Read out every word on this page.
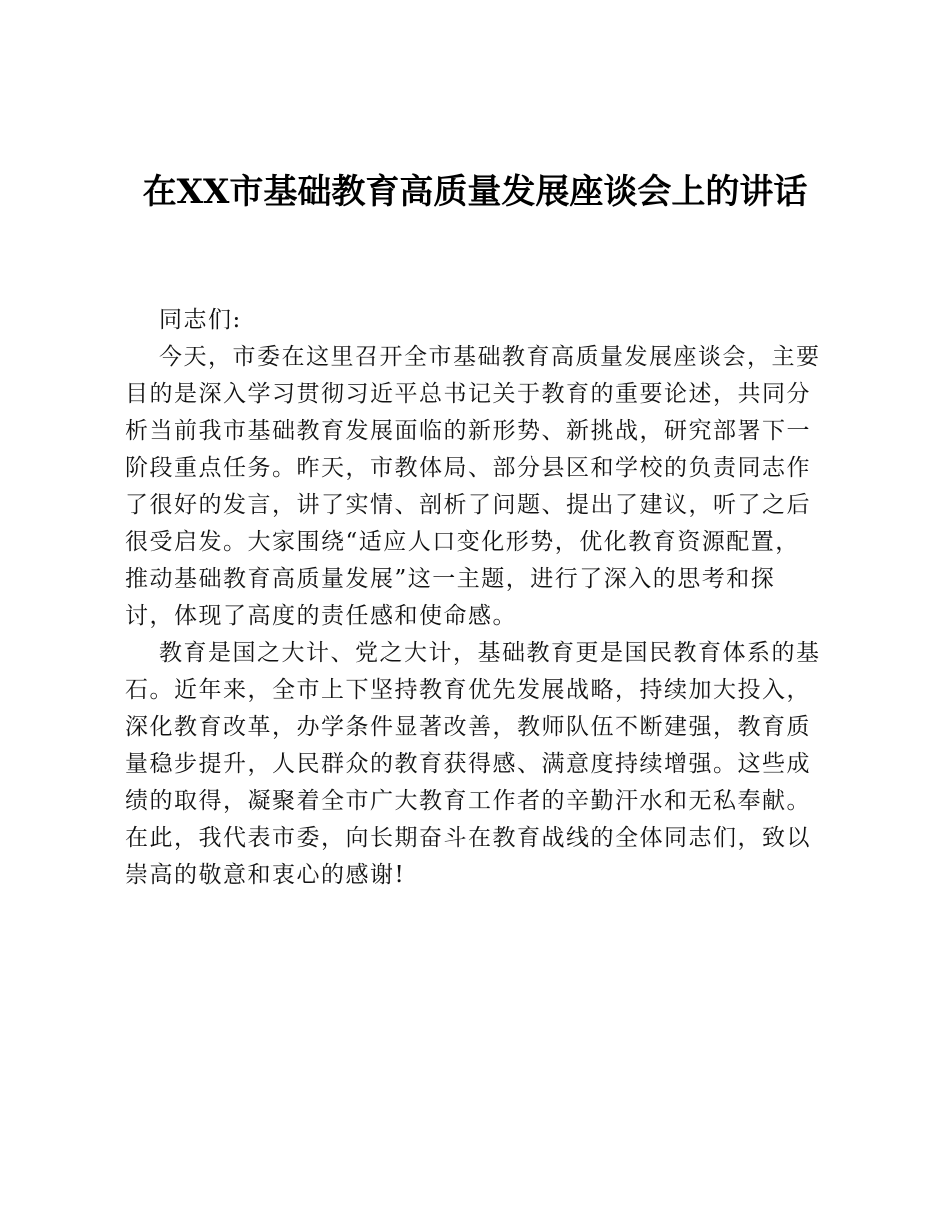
在XX市基础教育高质量发展座谈会上的讲话
同志们:
今天，市委在这里召开全市基础教育高质量发展座谈会，主要
目的是深入学习贯彻习近平总书记关于教育的重要论述，共同分
析当前我市基础教育发展面临的新形势、新挑战，研究部署下一
阶段重点任务。昨天，市教体局、部分县区和学校的负责同志作
了很好的发言，讲了实情、剖析了问题、提出了建议，听了之后
很受启发。大家围绕“适应人口变化形势，优化教育资源配置，
推动基础教育高质量发展”这一主题，进行了深入的思考和探
讨，体现了高度的责任感和使命感。
教育是国之大计、党之大计，基础教育更是国民教育体系的基
石。近年来，全市上下坚持教育优先发展战略，持续加大投入，
深化教育改革，办学条件显著改善，教师队伍不断建强，教育质
量稳步提升，人民群众的教育获得感、满意度持续增强。这些成
绩的取得，凝聚着全市广大教育工作者的辛勤汗水和无私奉献。
在此，我代表市委，向长期奋斗在教育战线的全体同志们，致以
崇高的敬意和衷心的感谢!
